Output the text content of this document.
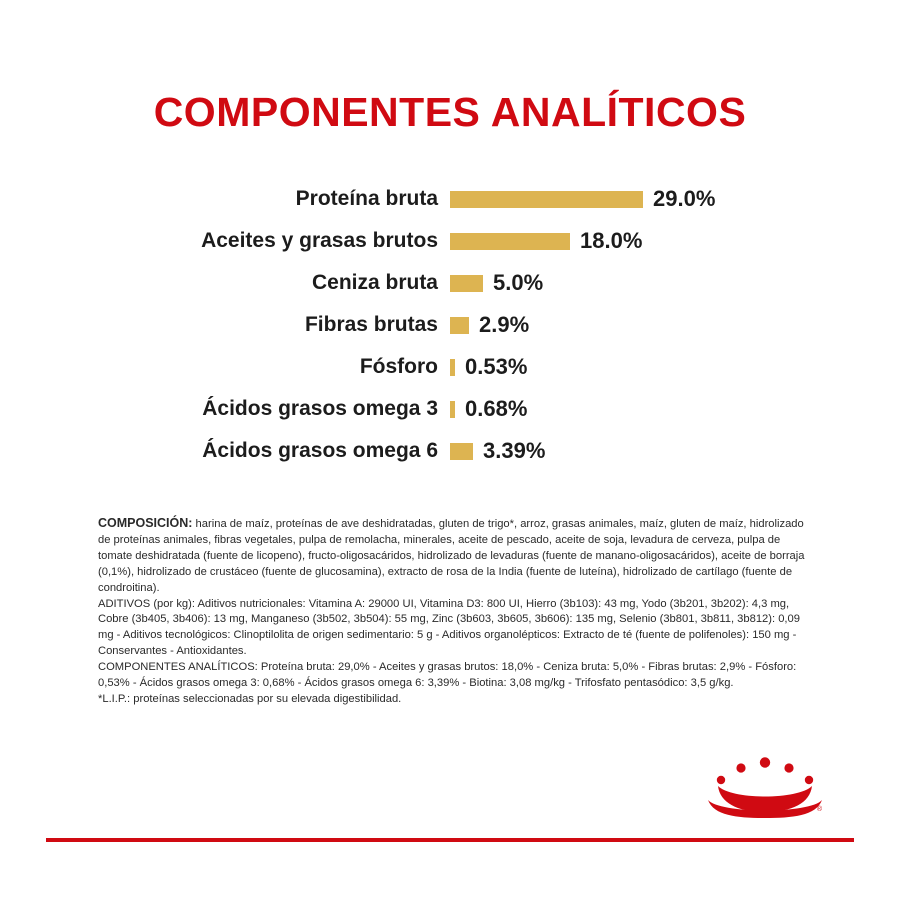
COMPONENTES ANALÍTICOS
Proteína bruta	29.0%
Aceites y grasas brutos	18.0%
Ceniza bruta	5.0%
Fibras brutas	2.9%
Fósforo	0.53%
Ácidos grasos omega 3	0.68%
Ácidos grasos omega 6	3.39%

COMPOSICIÓN: harina de maíz, proteínas de ave deshidratadas, gluten de trigo*, arroz, grasas animales, maíz, gluten de maíz, hidrolizado de proteínas animales, fibras vegetales, pulpa de remolacha, minerales, aceite de pescado, aceite de soja, levadura de cerveza, pulpa de tomate deshidratada (fuente de licopeno), fructo-oligosacáridos, hidrolizado de levaduras (fuente de manano-oligosacáridos), aceite de borraja (0,1%), hidrolizado de crustáceo (fuente de glucosamina), extracto de rosa de la India (fuente de luteína), hidrolizado de cartílago (fuente de condroitina).

ADITIVOS (por kg): Aditivos nutricionales: Vitamina A: 29000 UI, Vitamina D3: 800 UI, Hierro (3b103): 43 mg, Yodo (3b201, 3b202): 4,3 mg, Cobre (3b405, 3b406): 13 mg, Manganeso (3b502, 3b504): 55 mg, Zinc (3b603, 3b605, 3b606): 135 mg, Selenio (3b801, 3b811, 3b812): 0,09 mg - Aditivos tecnológicos: Clinoptilolita de origen sedimentario: 5 g - Aditivos organolépticos: Extracto de té (fuente de polifenoles): 150 mg - Conservantes - Antioxidantes.

COMPONENTES ANALÍTICOS: Proteína bruta: 29,0% - Aceites y grasas brutos: 18,0% - Ceniza bruta: 5,0% - Fibras brutas: 2,9% - Fósforo: 0,53% - Ácidos grasos omega 3: 0,68% - Ácidos grasos omega 6: 3,39% - Biotina: 3,08 mg/kg - Trifosfato pentasódico: 3,5 g/kg.

*L.I.P.: proteínas seleccionadas por su elevada digestibilidad.

®
